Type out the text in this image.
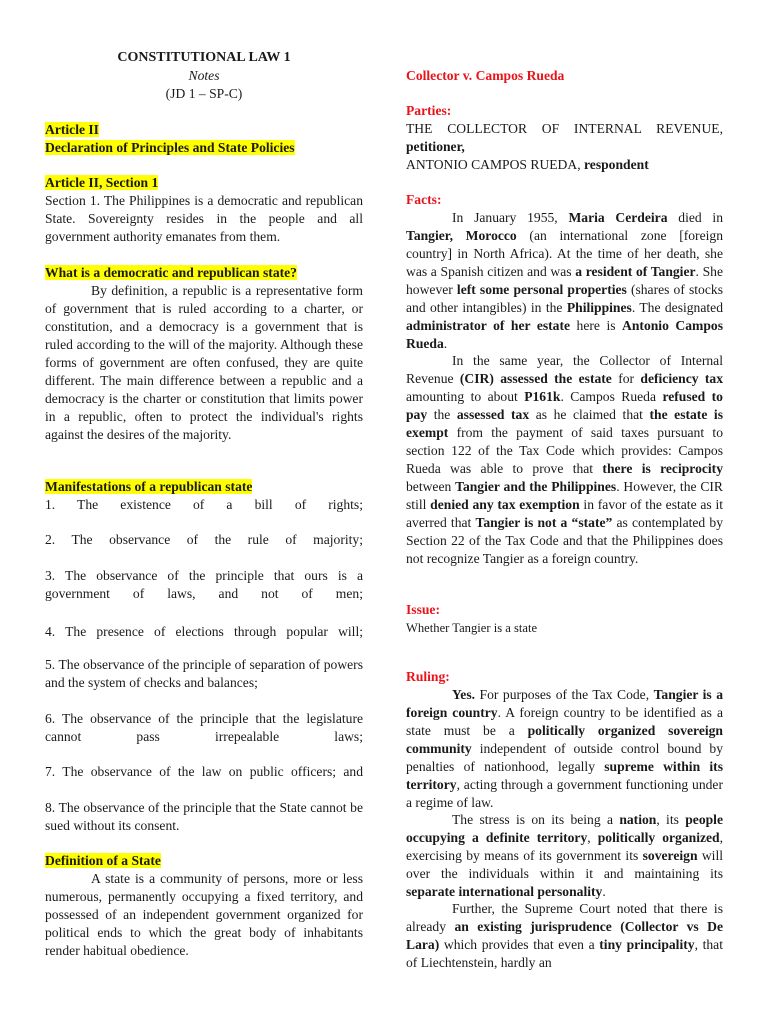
CONSTITUTIONAL LAW 1
Notes
(JD 1 – SP-C)
Article II
Declaration of Principles and State Policies
Article II, Section 1

Section 1. The Philippines is a democratic and republican State. Sovereignty resides in the people and all government authority emanates from them.

What is a democratic and republican state?

By definition, a republic is a representative form of government that is ruled according to a charter, or constitution, and a democracy is a government that is ruled according to the will of the majority. Although these forms of government are often confused, they are quite different. The main difference between a republic and a democracy is the charter or constitution that limits power in a republic, often to protect the individual's rights against the desires of the majority.

Manifestations of a republican state

1. The existence of a bill of rights;

2. The observance of the rule of majority;

3. The observance of the principle that ours is a government of laws, and not of men;

4. The presence of elections through popular will;

5. The observance of the principle of separation of powers and the system of checks and balances;

6. The observance of the principle that the legislature cannot pass irrepealable laws;

7. The observance of the law on public officers; and

8. The observance of the principle that the State cannot be sued without its consent.

Definition of a State

A state is a community of persons, more or less numerous, permanently occupying a fixed territory, and possessed of an independent government organized for political ends to which the great body of inhabitants render habitual obedience.

Collector v. Campos Rueda
Parties:
THE COLLECTOR OF INTERNAL REVENUE,
petitioner,
ANTONIO CAMPOS RUEDA, respondent
Facts:

In January 1955, Maria Cerdeira died in Tangier, Morocco (an international zone [foreign country] in North Africa). At the time of her death, she was a Spanish citizen and was a resident of Tangier. She however left some personal properties (shares of stocks and other intangibles) in the Philippines. The designated administrator of her estate here is Antonio Campos Rueda.

In the same year, the Collector of Internal Revenue (CIR) assessed the estate for deficiency tax amounting to about P161k. Campos Rueda refused to pay the assessed tax as he claimed that the estate is exempt from the payment of said taxes pursuant to section 122 of the Tax Code which provides: Campos Rueda was able to prove that there is reciprocity between Tangier and the Philippines. However, the CIR still denied any tax exemption in favor of the estate as it averred that Tangier is not a “state” as contemplated by Section 22 of the Tax Code and that the Philippines does not recognize Tangier as a foreign country.

Issue:
Whether Tangier is a state
Ruling:

Yes. For purposes of the Tax Code, Tangier is a foreign country. A foreign country to be identified as a state must be a politically organized sovereign community independent of outside control bound by penalties of nationhood, legally supreme within its territory, acting through a government functioning under a regime of law.

The stress is on its being a nation, its people occupying a definite territory, politically organized, exercising by means of its government its sovereign will over the individuals within it and maintaining its separate international personality.

Further, the Supreme Court noted that there is already an existing jurisprudence (Collector vs De Lara) which provides that even a tiny principality, that of Liechtenstein, hardly an
